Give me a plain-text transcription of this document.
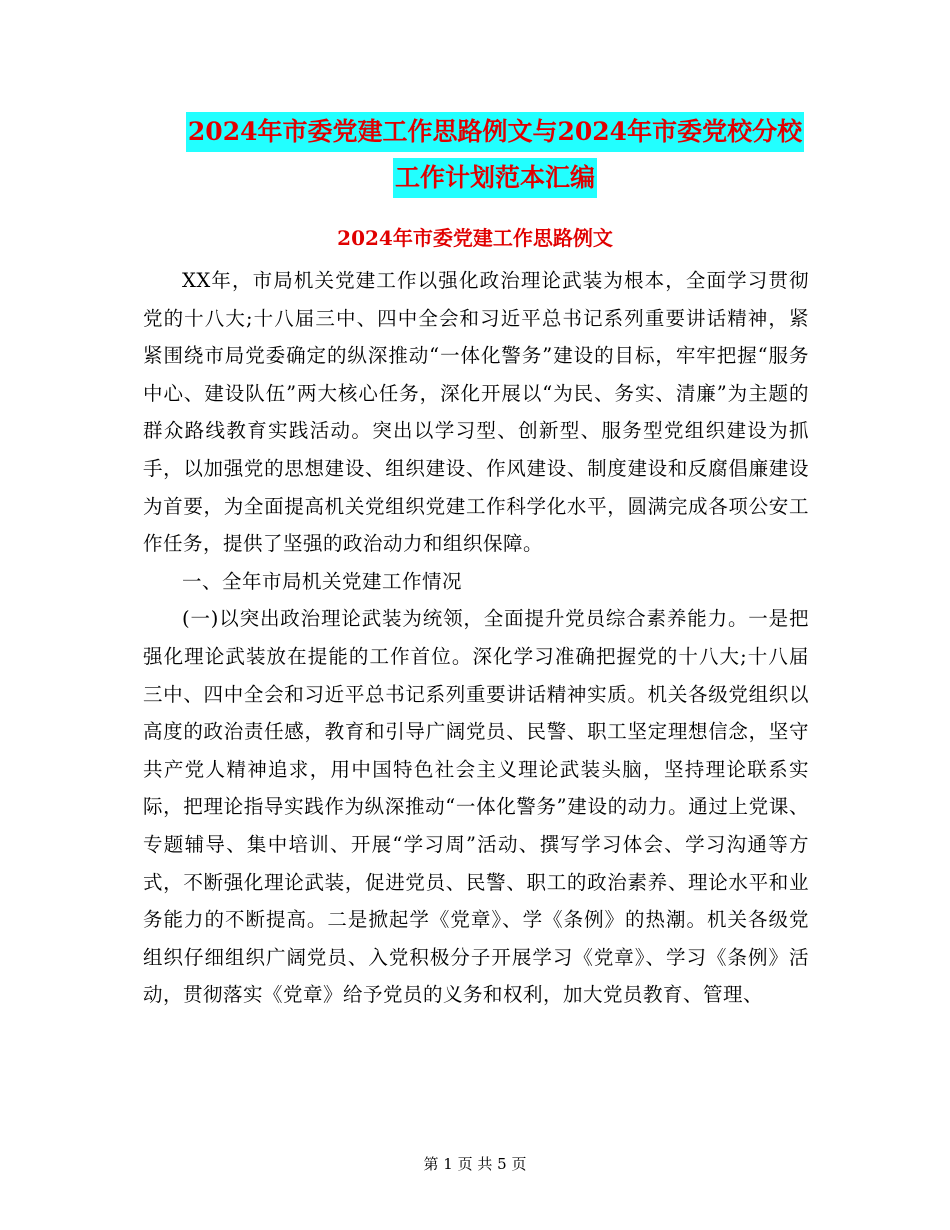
2024年市委党建工作思路例文与2024年市委党校分校
工作计划范本汇编
2024年市委党建工作思路例文

XX年，市局机关党建工作以强化政治理论武装为根本，全面学习贯彻党的十八大;十八届三中、四中全会和习近平总书记系列重要讲话精神，紧紧围绕市局党委确定的纵深推动“一体化警务”建设的目标，牢牢把握“服务中心、建设队伍”两大核心任务，深化开展以“为民、务实、清廉”为主题的群众路线教育实践活动。突出以学习型、创新型、服务型党组织建设为抓手，以加强党的思想建设、组织建设、作风建设、制度建设和反腐倡廉建设为首要，为全面提高机关党组织党建工作科学化水平，圆满完成各项公安工作任务，提供了坚强的政治动力和组织保障。

一、全年市局机关党建工作情况

(一)以突出政治理论武装为统领，全面提升党员综合素养能力。一是把强化理论武装放在提能的工作首位。深化学习准确把握党的十八大;十八届三中、四中全会和习近平总书记系列重要讲话精神实质。机关各级党组织以高度的政治责任感，教育和引导广阔党员、民警、职工坚定理想信念，坚守共产党人精神追求，用中国特色社会主义理论武装头脑，坚持理论联系实际，把理论指导实践作为纵深推动“一体化警务”建设的动力。通过上党课、专题辅导、集中培训、开展“学习周”活动、撰写学习体会、学习沟通等方式，不断强化理论武装，促进党员、民警、职工的政治素养、理论水平和业务能力的不断提高。二是掀起学《党章》、学《条例》的热潮。机关各级党组织仔细组织广阔党员、入党积极分子开展学习《党章》、学习《条例》活动，贯彻落实《党章》给予党员的义务和权利，加大党员教育、管理、

第 1 页 共 5 页
